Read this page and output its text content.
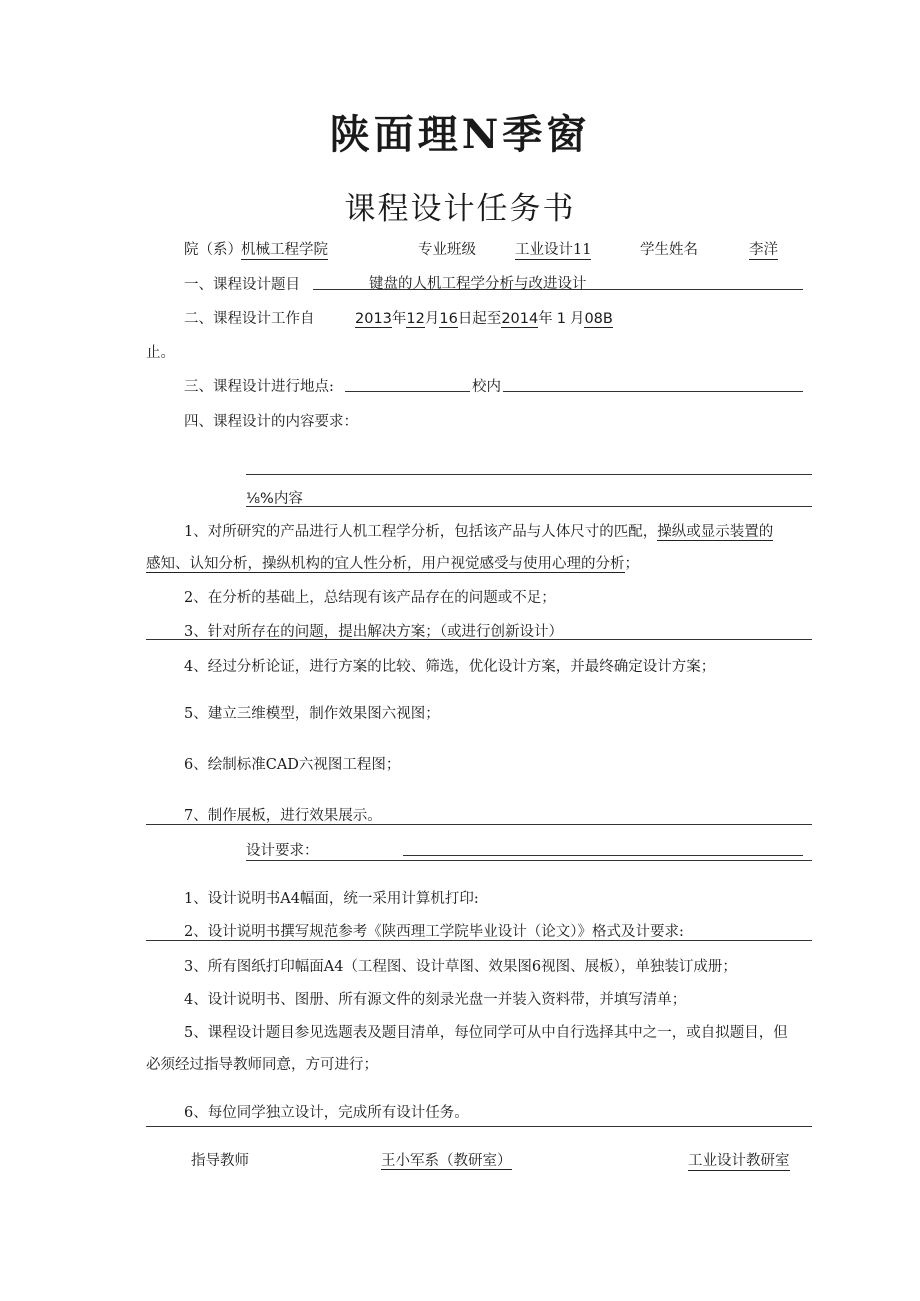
陕面理N季窗
课程设计任务书
院（系） 机械工程学院	专业班级	工业设计11	学生姓名	李洋
一、课程设计题目	键盘的人机工程学分析与改进设计
二、课程设计工作自	2013年12月16日起至2014年 1 月08B
止。
三、课程设计进行地点:	校内
四、课程设计的内容要求：
⅛%内容
1、对所研究的产品进行人机工程学分析，包括该产品与人体尺寸的匹配，操纵或显示装置的
感知、认知分析，操纵机构的宜人性分析，用户视觉感受与使用心理的分析；
2、在分析的基础上，总结现有该产品存在的问题或不足；
3、针对所存在的问题，提出解决方案；（或进行创新设计）
4、经过分析论证，进行方案的比较、筛选，优化设计方案，并最终确定设计方案；
5、建立三维模型，制作效果图六视图；
6、绘制标准CAD六视图工程图；
7、制作展板，进行效果展示。
设计要求：
1、设计说明书A4幅面，统一采用计算机打印:
2、设计说明书撰写规范参考《陕西理工学院毕业设计（论文）》格式及计要求:
3、所有图纸打印幅面A4（工程图、设计草图、效果图6视图、展板），单独装订成册；
4、设计说明书、图册、所有源文件的刻录光盘一并装入资料带，并填写清单；
5、课程设计题目参见选题表及题目清单，每位同学可从中自行选择其中之一，或自拟题目，但
必须经过指导教师同意，方可进行；
6、每位同学独立设计，完成所有设计任务。
指导教师	王小军系（教研室）	工业设计教研室
